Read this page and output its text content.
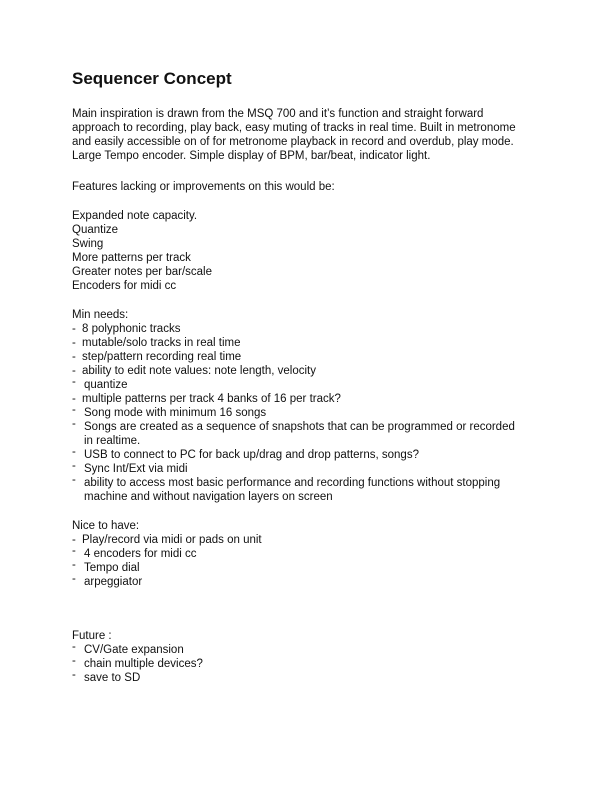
Sequencer Concept
Main inspiration is drawn from the MSQ 700 and it’s function and straight forward
approach to recording, play back, easy muting of tracks in real time. Built in metronome
and easily accessible on of for metronome playback in record and overdub, play mode.
Large Tempo encoder. Simple display of BPM, bar/beat, indicator light.
Features lacking or improvements on this would be:
Expanded note capacity.
Quantize
Swing
More patterns per track
Greater notes per bar/scale
Encoders for midi cc
Min needs:
- 8 polyphonic tracks
- mutable/solo tracks in real time
- step/pattern recording real time
- ability to edit note values: note length, velocity
- quantize
- multiple patterns per track 4 banks of 16 per track?
- Song mode with minimum 16 songs
- Songs are created as a sequence of snapshots that can be programmed or recorded
in realtime.
- USB to connect to PC for back up/drag and drop patterns, songs?
- Sync Int/Ext via midi
- ability to access most basic performance and recording functions without stopping
machine and without navigation layers on screen
Nice to have:
- Play/record via midi or pads on unit
- 4 encoders for midi cc
- Tempo dial
- arpeggiator
Future :
- CV/Gate expansion
- chain multiple devices?
- save to SD
